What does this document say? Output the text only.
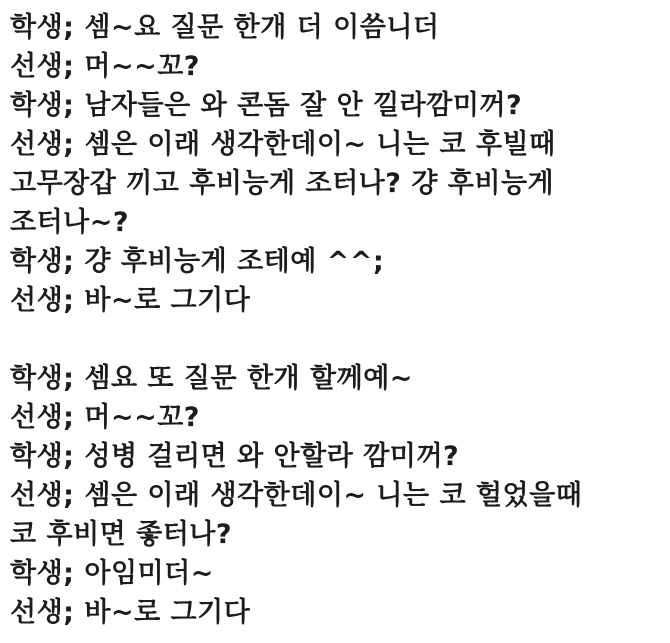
학생; 셈~요 질문 한개 더 이씀니더
선생; 머~~꼬?
학생; 남자들은 와 콘돔 잘 안 낄라깜미꺼?
선생; 셈은 이래 생각한데이~ 니는 코 후빌때
고무장갑 끼고 후비능게 조터나? 걍 후비능게
조터나~?
학생; 걍 후비능게 조테예 ^^;
선생; 바~로 그기다
학생; 셈요 또 질문 한개 할께예~
선생; 머~~꼬?
학생; 성병 걸리면 와 안할라 깜미꺼?
선생; 셈은 이래 생각한데이~ 니는 코 헐었을때
코 후비면 좋터나?
학생; 아임미더~
선생; 바~로 그기다
